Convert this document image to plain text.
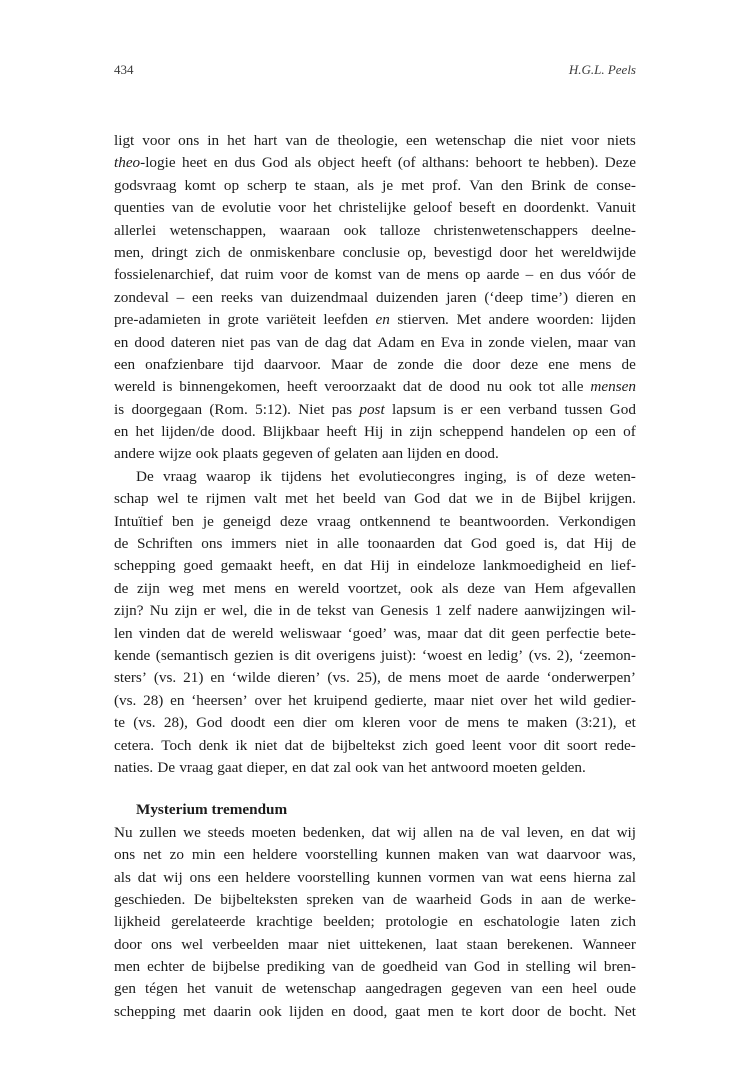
434	H.G.L. Peels
ligt voor ons in het hart van de theologie, een wetenschap die niet voor niets
theo-logie heet en dus God als object heeft (of althans: behoort te hebben). Deze
godsvraag komt op scherp te staan, als je met prof. Van den Brink de conse-
quenties van de evolutie voor het christelijke geloof beseft en doordenkt. Vanuit
allerlei wetenschappen, waaraan ook talloze christenwetenschappers deelne-
men, dringt zich de onmiskenbare conclusie op, bevestigd door het wereldwijde
fossielenarchief, dat ruim voor de komst van de mens op aarde – en dus vóór de
zondeval – een reeks van duizendmaal duizenden jaren (‘deep time’) dieren en
pre-adamieten in grote variëteit leefden en stierven. Met andere woorden: lijden
en dood dateren niet pas van de dag dat Adam en Eva in zonde vielen, maar van
een onafzienbare tijd daarvoor. Maar de zonde die door deze ene mens de
wereld is binnengekomen, heeft veroorzaakt dat de dood nu ook tot alle mensen
is doorgegaan (Rom. 5:12). Niet pas post lapsum is er een verband tussen God
en het lijden/de dood. Blijkbaar heeft Hij in zijn scheppend handelen op een of
andere wijze ook plaats gegeven of gelaten aan lijden en dood.
De vraag waarop ik tijdens het evolutiecongres inging, is of deze weten-
schap wel te rijmen valt met het beeld van God dat we in de Bijbel krijgen.
Intuïtief ben je geneigd deze vraag ontkennend te beantwoorden. Verkondigen
de Schriften ons immers niet in alle toonaarden dat God goed is, dat Hij de
schepping goed gemaakt heeft, en dat Hij in eindeloze lankmoedigheid en lief-
de zijn weg met mens en wereld voortzet, ook als deze van Hem afgevallen
zijn? Nu zijn er wel, die in de tekst van Genesis 1 zelf nadere aanwijzingen wil-
len vinden dat de wereld weliswaar ‘goed’ was, maar dat dit geen perfectie bete-
kende (semantisch gezien is dit overigens juist): ‘woest en ledig’ (vs. 2), ‘zeemon-
sters’ (vs. 21) en ‘wilde dieren’ (vs. 25), de mens moet de aarde ‘onderwerpen’
(vs. 28) en ‘heersen’ over het kruipend gedierte, maar niet over het wild gedier-
te (vs. 28), God doodt een dier om kleren voor de mens te maken (3:21), et
cetera. Toch denk ik niet dat de bijbeltekst zich goed leent voor dit soort rede-
naties. De vraag gaat dieper, en dat zal ook van het antwoord moeten gelden.
Mysterium tremendum
Nu zullen we steeds moeten bedenken, dat wij allen na de val leven, en dat wij
ons net zo min een heldere voorstelling kunnen maken van wat daarvoor was,
als dat wij ons een heldere voorstelling kunnen vormen van wat eens hierna zal
geschieden. De bijbelteksten spreken van de waarheid Gods in aan de werke-
lijkheid gerelateerde krachtige beelden; protologie en eschatologie laten zich
door ons wel verbeelden maar niet uittekenen, laat staan berekenen. Wanneer
men echter de bijbelse prediking van de goedheid van God in stelling wil bren-
gen tégen het vanuit de wetenschap aangedragen gegeven van een heel oude
schepping met daarin ook lijden en dood, gaat men te kort door de bocht. Net
